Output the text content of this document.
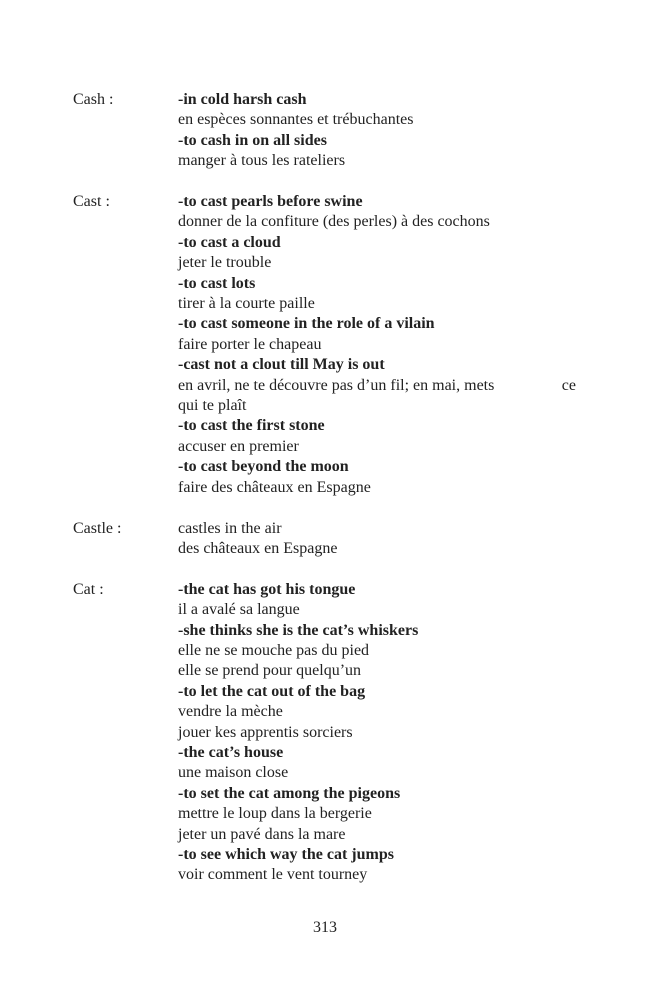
Cash :	-in cold harsh cash
en espèces sonnantes et trébuchantes
-to cash in on all sides
manger à tous les rateliers
Cast :	-to cast pearls before swine
donner de la confiture (des perles) à des cochons
-to cast a cloud
jeter le trouble
-to cast lots
tirer à la courte paille
-to cast someone in the role of a vilain
faire porter le chapeau
-cast not a clout till May is out
en avril, ne te découvre pas d’un fil; en mai, mets	ce
qui te plaît
-to cast the first stone
accuser en premier
-to cast beyond the moon
faire des châteaux en Espagne
Castle :	castles in the air
des châteaux en Espagne
Cat :	-the cat has got his tongue
il a avalé sa langue
-she thinks she is the cat’s whiskers
elle ne se mouche pas du pied
elle se prend pour quelqu’un
-to let the cat out of the bag
vendre la mèche
jouer kes apprentis sorciers
-the cat’s house
une maison close
-to set the cat among the pigeons
mettre le loup dans la bergerie
jeter un pavé dans la mare
-to see which way the cat jumps
voir comment le vent tourney
313
